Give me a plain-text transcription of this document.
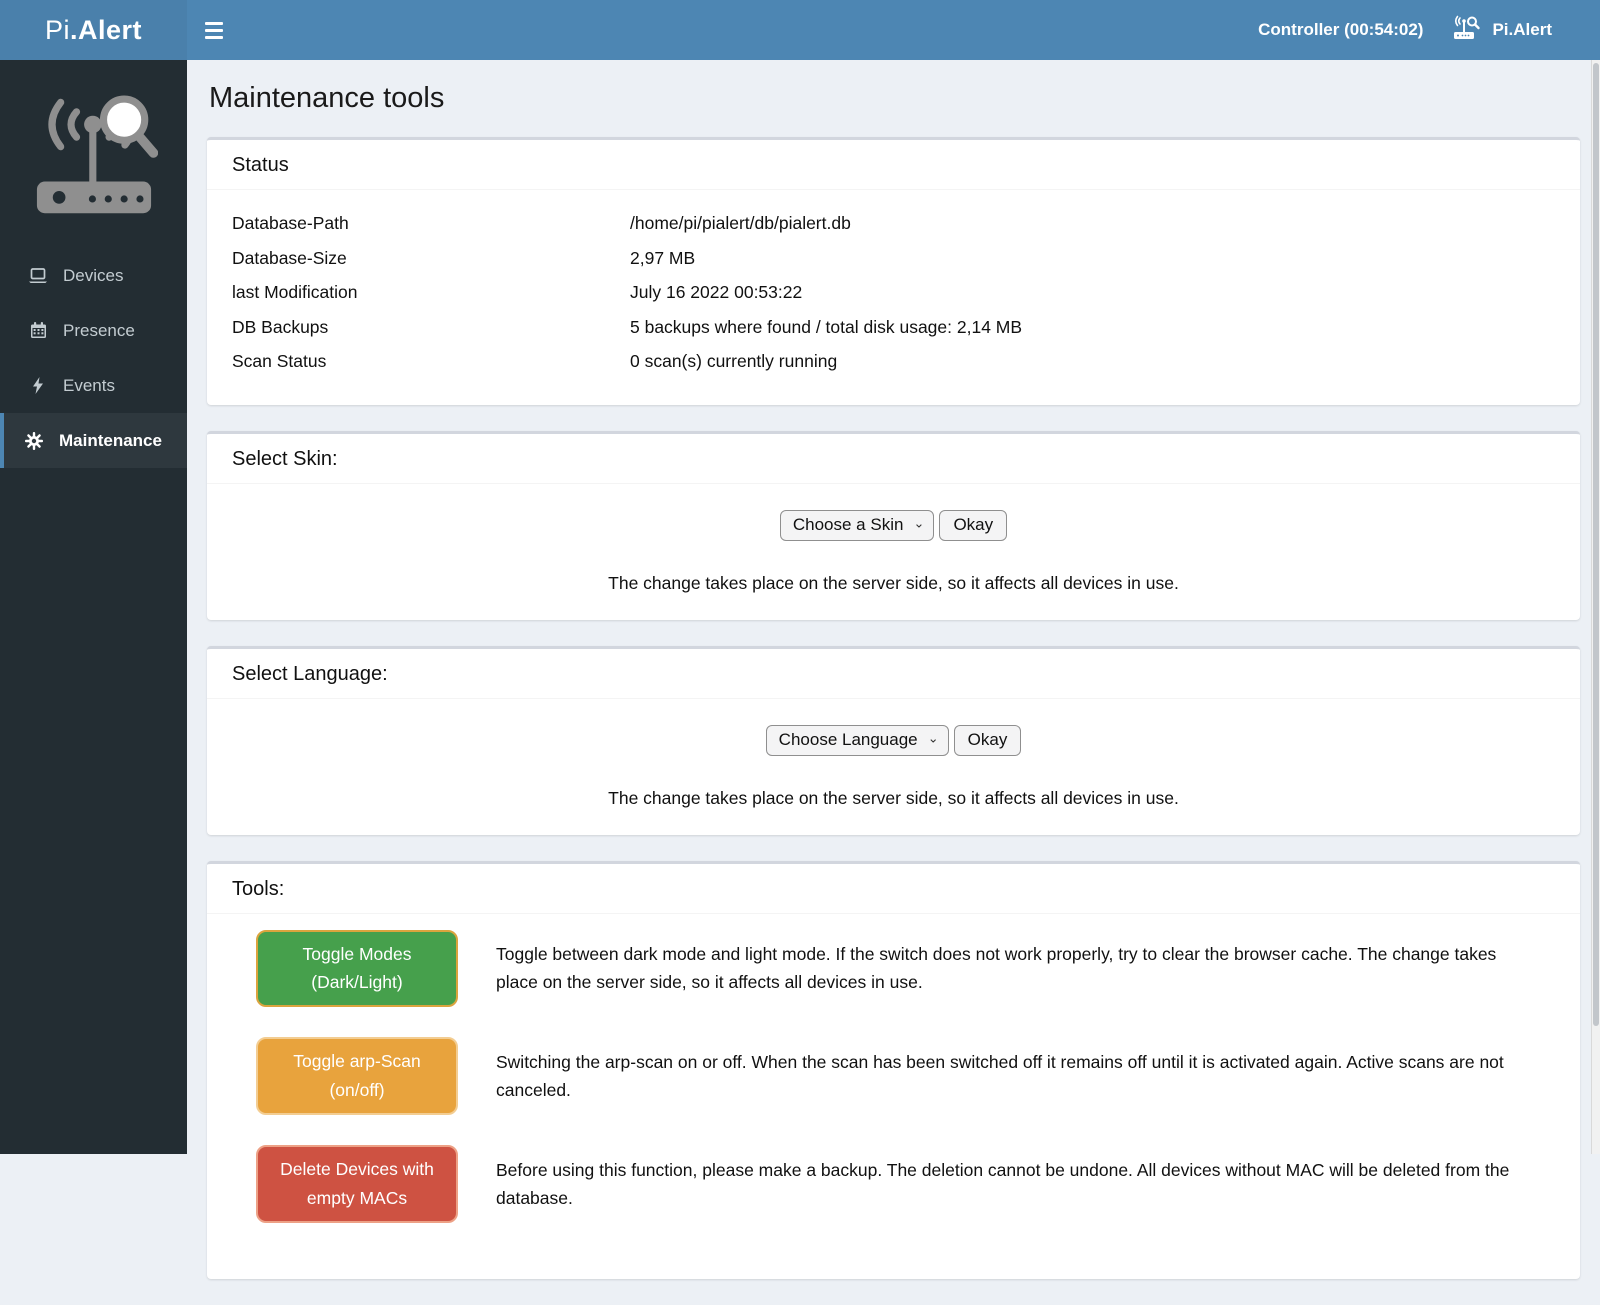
Pi .Alert	Controller (00:54:02)	Pi.Alert
Devices
Presence
Events
Maintenance
Maintenance tools
Status
Database-Path	/home/pi/pialert/db/pialert.db
Database-Size	2,97 MB
last Modification	July 16 2022 00:53:22
DB Backups	5 backups where found / total disk usage: 2,14 MB
Scan Status	0 scan(s) currently running
Select Skin:
Choose a Skin ⌄	Okay
The change takes place on the server side, so it affects all devices in use.
Select Language:
Choose Language ⌄	Okay
The change takes place on the server side, so it affects all devices in use.
Tools:
Toggle Modes
(Dark/Light)
Toggle between dark mode and light mode. If the switch does not work properly, try to clear the browser cache. The change takes place on the server side, so it affects all devices in use.
Toggle arp-Scan
(on/off)
Switching the arp-scan on or off. When the scan has been switched off it remains off until it is activated again. Active scans are not canceled.
Delete Devices with
empty MACs
Before using this function, please make a backup. The deletion cannot be undone. All devices without MAC will be deleted from the database.
